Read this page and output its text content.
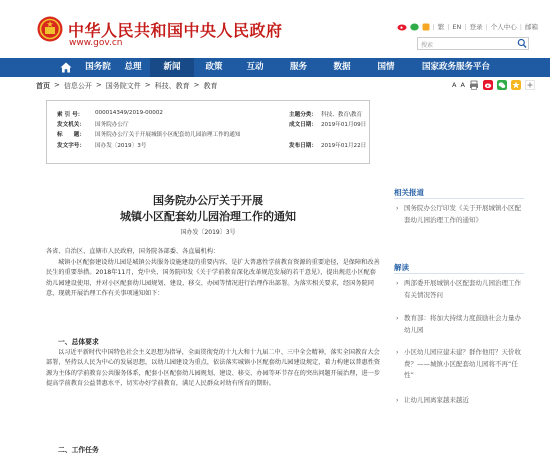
中华人民共和国中央人民政府
www.gov.cn
| 繁 | EN | 登录 | 个人中心 | 邮箱
搜索
国务院	总理	新闻	政策	互动	服务	数据	国情	国家政务服务平台
首页 > 信息公开 > 国务院文件 > 科技、教育 > 教育	A A
索 引 号：	000014349/2019-00002	主题分类： 科技、教育\教育
发文机关：	国务院办公厅	成文日期： 2019年01月09日
标　　题：	国务院办公厅关于开展城镇小区配套幼儿园治理工作的通知
发文字号：	国办发〔2019〕3号	发布日期： 2019年01月22日
国务院办公厅关于开展
城镇小区配套幼儿园治理工作的通知
国办发〔2019〕3号
各省、自治区、直辖市人民政府，国务院各部委、各直属机构：
城镇小区配套建设幼儿园是城镇公共服务设施建设的重要内容，是扩大普惠性学前教育资源的重要途径，是保障和改善民生的重要举措。2018年11月，党中央、国务院印发《关于学前教育深化改革规范发展的若干意见》，提出规范小区配套幼儿园建设使用，并对小区配套幼儿园规划、建设、移交、办园等情况进行治理作出部署。为落实相关要求，经国务院同意，现就开展治理工作有关事项通知如下：
一、总体要求
以习近平新时代中国特色社会主义思想为指导，全面贯彻党的十九大和十九届二中、三中全会精神，落实全国教育大会部署，坚持以人民为中心的发展思想，以幼儿园建设为重点，依法落实城镇小区配套幼儿园建设规定，着力构建以普惠性资源为主体的学前教育公共服务体系，配套小区配套幼儿园规划、建设、移交、办园等环节存在的突出问题开展治理，进一步提高学前教育公益普惠水平，切实办好学前教育，满足人民群众对幼有所育的期盼。
二、工作任务
相关报道
› 国务院办公厅印发《关于开展城镇小区配套幼儿园治理工作的通知》
解读
› 两部委开展城镇小区配套幼儿园治理工作有关情况答问
› 教育部：将加大持续力度鼓励社会力量办幼儿园
› 小区幼儿园应建未建？群作他用？天价收费？——城镇小区配套幼儿园将不再“任性”
› 让幼儿园离家越来越近
